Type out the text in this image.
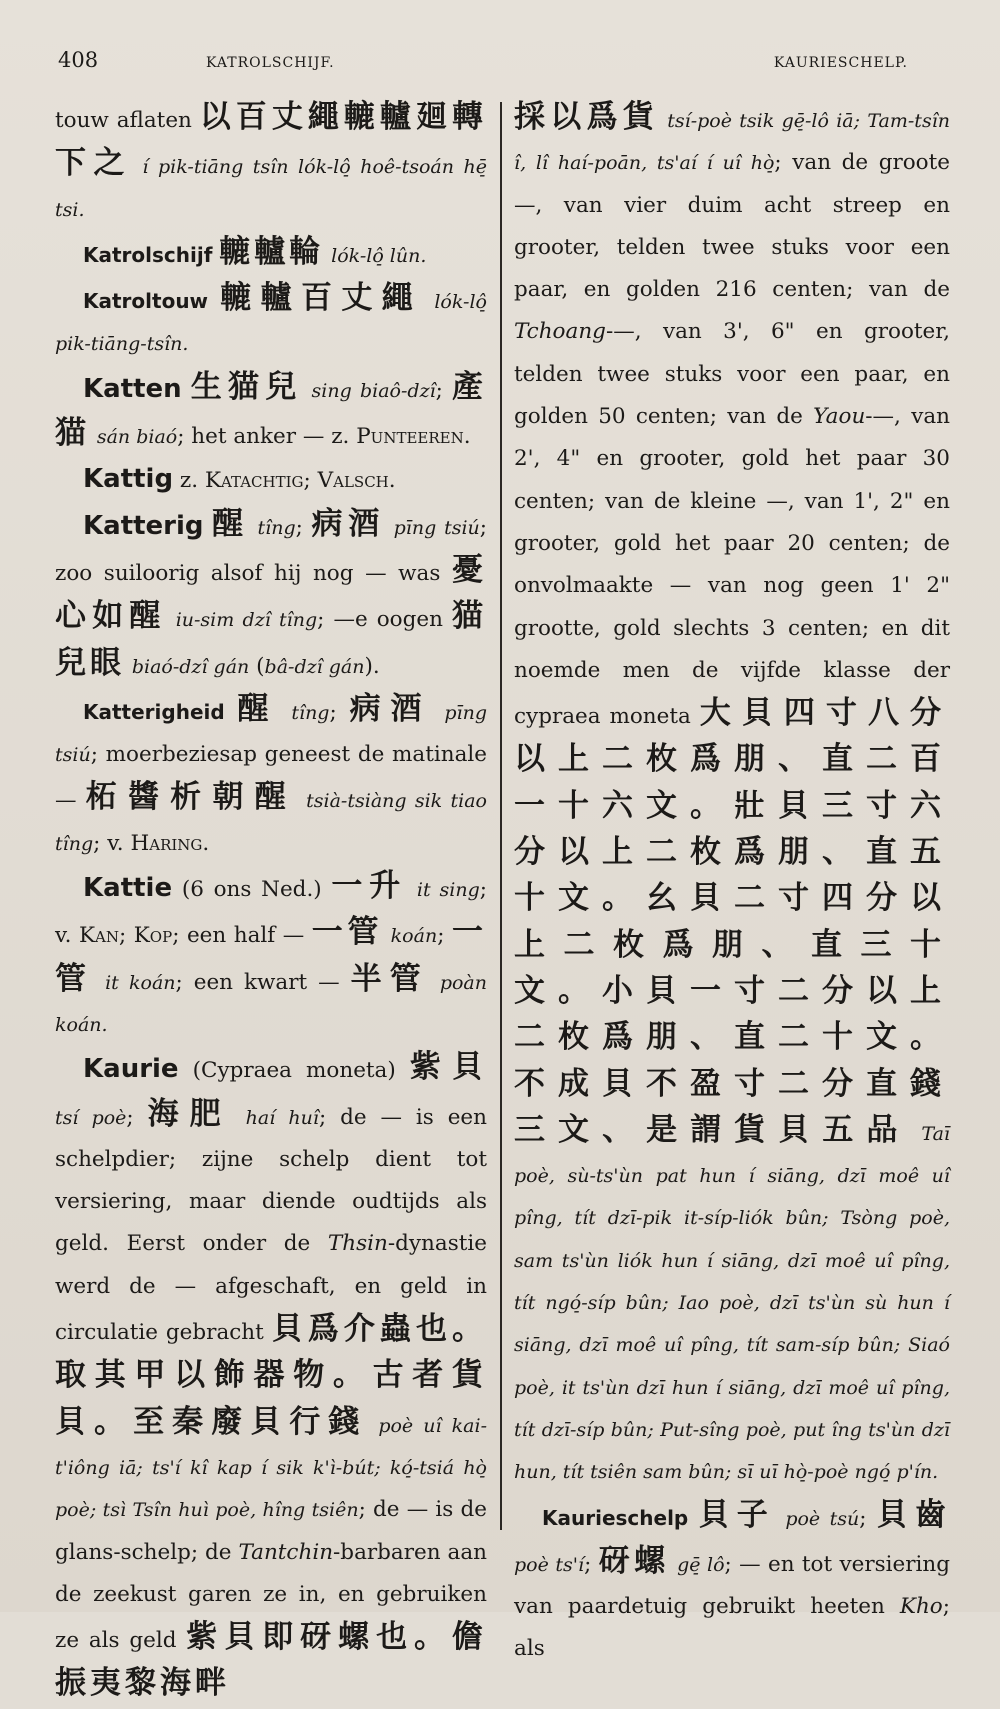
408	KATROLSCHIJF.	KAURIESCHELP.

touw aflaten 以百丈繩轆轤廻轉下之 í pik-tiāng tsîn lók-lô̠ hoê-tsoán hē̠ tsi.

Katrolschijf 轆轤輪 lók-lô̠ lûn.

Katroltouw 轆轤百丈繩 lók-lô̠ pik-tiāng-tsîn.

Katten 生猫兒 sing biaô-dzî; 產猫 sán biaó; het anker — z. Punteeren.

Kattig z. Katachtig; Valsch.

Katterig 醒 tîng; 病酒 pīng tsiú; zoo suiloorig alsof hij nog — was 憂心如醒 iu-sim dzî tîng; —e oogen 猫兒眼 biaó-dzî gán (bâ-dzî gán).

Katterigheid 醒 tîng; 病酒 pīng tsiú; moerbeziesap geneest de matinale — 柘醬析朝醒 tsià-tsiàng sik tiao tîng; v. Haring.

Kattie (6 ons Ned.) 一升 it sing; v. Kan; Kop; een half — 一管 koán; 一管 it koán; een kwart — 半管 poàn koán.

Kaurie (Cypraea moneta) 紫貝 tsí poè; 海肥 haí huî; de — is een schelpdier; zijne schelp dient tot versiering, maar diende oudtijds als geld. Eerst onder de Thsin-dynastie werd de — afgeschaft, en geld in circulatie gebracht 貝爲介蟲也。取其甲以飾器物。古者貨貝。至秦廢貝行錢 poè uî kai-t'iông iā; ts'í kî kap í sik k'ì-bút; kó̠-tsiá hò̠ poè; tsì Tsîn huì poè, hîng tsiên; de — is de glans-schelp; de Tantchin-barbaren aan de zeekust garen ze in, en gebruiken ze als geld 紫貝即砑螺也。儋振夷黎海畔

採以爲貨 tsí-poè tsik gē̠-lô iā; Tam-tsîn î, lî haí-poān, ts'aí í uî hò̠; van de groote —, van vier duim acht streep en grooter, telden twee stuks voor een paar, en golden 216 centen; van de Tchoang-—, van 3', 6" en grooter, telden twee stuks voor een paar, en golden 50 centen; van de Yaou-—, van 2', 4" en grooter, gold het paar 30 centen; van de kleine —, van 1', 2" en grooter, gold het paar 20 centen; de onvolmaakte — van nog geen 1' 2" grootte, gold slechts 3 centen; en dit noemde men de vijfde klasse der cypraea moneta 大貝四寸八分以上二枚爲朋、直二百一十六文。壯貝三寸六分以上二枚爲朋、直五十文。幺貝二寸四分以上二枚爲朋、直三十文。小貝一寸二分以上二枚爲朋、直二十文。不成貝不盈寸二分直錢三文、是謂貨貝五品 Taī poè, sù-ts'ùn pat hun í siāng, dzī moê uî pîng, tít dzī-pik it-síp-liók bûn; Tsòng poè, sam ts'ùn liók hun í siāng, dzī moê uî pîng, tít ngó̠-síp bûn; Iao poè, dzī ts'ùn sù hun í siāng, dzī moê uî pîng, tít sam-síp bûn; Siaó poè, it ts'ùn dzī hun í siāng, dzī moê uî pîng, tít dzī-síp bûn; Put-sîng poè, put îng ts'ùn dzī hun, tít tsiên sam bûn; sī uī hò̠-poè ngó̠ p'ín.

Kaurieschelp 貝子 poè tsú; 貝齒 poè ts'í; 砑螺 gē̠ lô; — en tot versiering van paardetuig gebruikt heeten Kho; als
